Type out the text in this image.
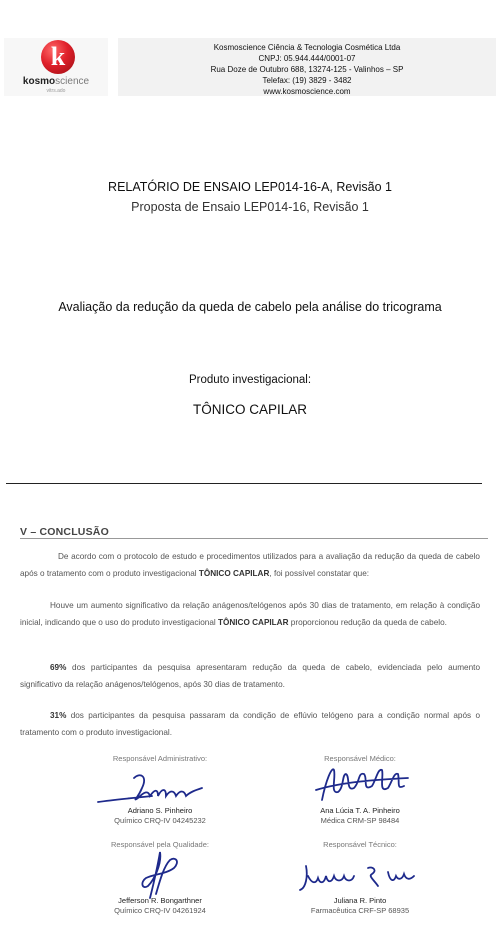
k
kosmoscience
vitrs.ado
Kosmoscience Ciência & Tecnologia Cosmética Ltda
CNPJ: 05.944.444/0001-07
Rua Doze de Outubro 688, 13274-125 - Valinhos – SP
Telefax: (19) 3829 - 3482
www.kosmoscience.com
RELATÓRIO DE ENSAIO LEP014-16-A, Revisão 1
Proposta de Ensaio LEP014-16, Revisão 1
Avaliação da redução da queda de cabelo pela análise do tricograma
Produto investigacional:
TÔNICO CAPILAR
V – CONCLUSÃO
De acordo com o protocolo de estudo e procedimentos utilizados para a avaliação da redução da queda de cabelo após o tratamento com o produto investigacional TÔNICO CAPILAR, foi possível constatar que:
Houve um aumento significativo da relação anágenos/telógenos após 30 dias de tratamento, em relação à condição inicial, indicando que o uso do produto investigacional TÔNICO CAPILAR proporcionou redução da queda de cabelo.
69% dos participantes da pesquisa apresentaram redução da queda de cabelo, evidenciada pelo aumento significativo da relação anágenos/telógenos, após 30 dias de tratamento.
31% dos participantes da pesquisa passaram da condição de eflúvio telógeno para a condição normal após o tratamento com o produto investigacional.
Responsável Administrativo:
Adriano S. Pinheiro
Químico CRQ-IV 04245232
Responsável Médico:
Ana Lúcia T. A. Pinheiro
Médica CRM-SP 98484
Responsável pela Qualidade:
Jefferson R. Bongarthner
Químico CRQ-IV 04261924
Responsável Técnico:
Juliana R. Pinto
Farmacêutica CRF-SP 68935
